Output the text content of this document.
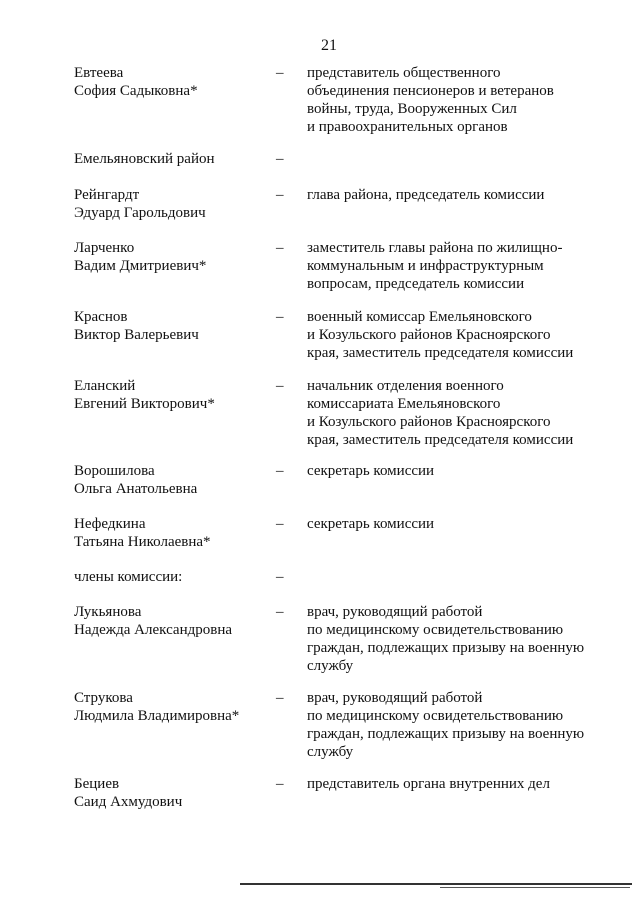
21
Евтеева
София Садыковна*
– представитель общественного
объединения пенсионеров и ветеранов
войны, труда, Вооруженных Сил
и правоохранительных органов
Емельяновский район	–
Рейнгардт
Эдуард Гарольдович
– глава района, председатель комиссии
Ларченко
Вадим Дмитриевич*
– заместитель главы района по жилищно-
коммунальным и инфраструктурным
вопросам, председатель комиссии
Краснов
Виктор Валерьевич
– военный комиссар Емельяновского
и Козульского районов Красноярского
края, заместитель председателя комиссии
Еланский
Евгений Викторович*
– начальник отделения военного
комиссариата Емельяновского
и Козульского районов Красноярского
края, заместитель председателя комиссии
Ворошилова
Ольга Анатольевна
– секретарь комиссии
Нефедкина
Татьяна Николаевна*
– секретарь комиссии
члены комиссии:	–
Лукьянова
Надежда Александровна
– врач, руководящий работой
по медицинскому освидетельствованию
граждан, подлежащих призыву на военную
службу
Струкова
Людмила Владимировна*
– врач, руководящий работой
по медицинскому освидетельствованию
граждан, подлежащих призыву на военную
службу
Бециев
Саид Ахмудович
– представитель органа внутренних дел
